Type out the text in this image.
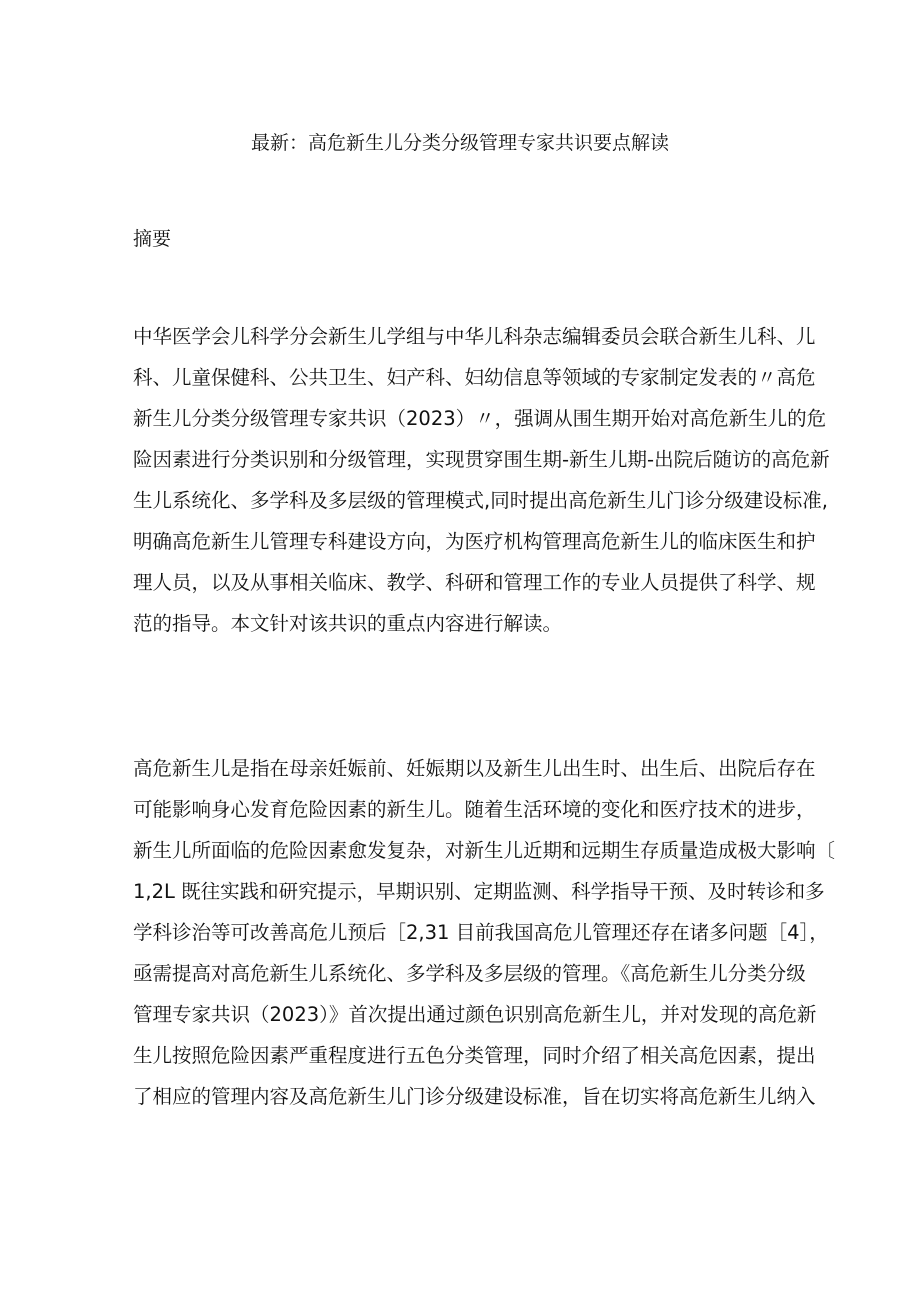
最新：高危新生儿分类分级管理专家共识要点解读
摘要
中华医学会儿科学分会新生儿学组与中华儿科杂志编辑委员会联合新生儿科、儿
科、儿童保健科、公共卫生、妇产科、妇幼信息等领域的专家制定发表的〃高危
新生儿分类分级管理专家共识（2023）〃，强调从围生期开始对高危新生儿的危
险因素进行分类识别和分级管理，实现贯穿围生期-新生儿期-出院后随访的高危新
生儿系统化、多学科及多层级的管理模式,同时提出高危新生儿门诊分级建设标准,
明确高危新生儿管理专科建设方向，为医疗机构管理高危新生儿的临床医生和护
理人员，以及从事相关临床、教学、科研和管理工作的专业人员提供了科学、规
范的指导。本文针对该共识的重点内容进行解读。
高危新生儿是指在母亲妊娠前、妊娠期以及新生儿出生时、出生后、出院后存在
可能影响身心发育危险因素的新生儿。随着生活环境的变化和医疗技术的进步，
新生儿所面临的危险因素愈发复杂，对新生儿近期和远期生存质量造成极大影响〔
1,2L 既往实践和研究提示，早期识别、定期监测、科学指导干预、及时转诊和多
学科诊治等可改善高危儿预后［2,31 目前我国高危儿管理还存在诸多问题［4］，
亟需提高对高危新生儿系统化、多学科及多层级的管理。《高危新生儿分类分级
管理专家共识（2023）》首次提出通过颜色识别高危新生儿，并对发现的高危新
生儿按照危险因素严重程度进行五色分类管理，同时介绍了相关高危因素，提出
了相应的管理内容及高危新生儿门诊分级建设标准，旨在切实将高危新生儿纳入
